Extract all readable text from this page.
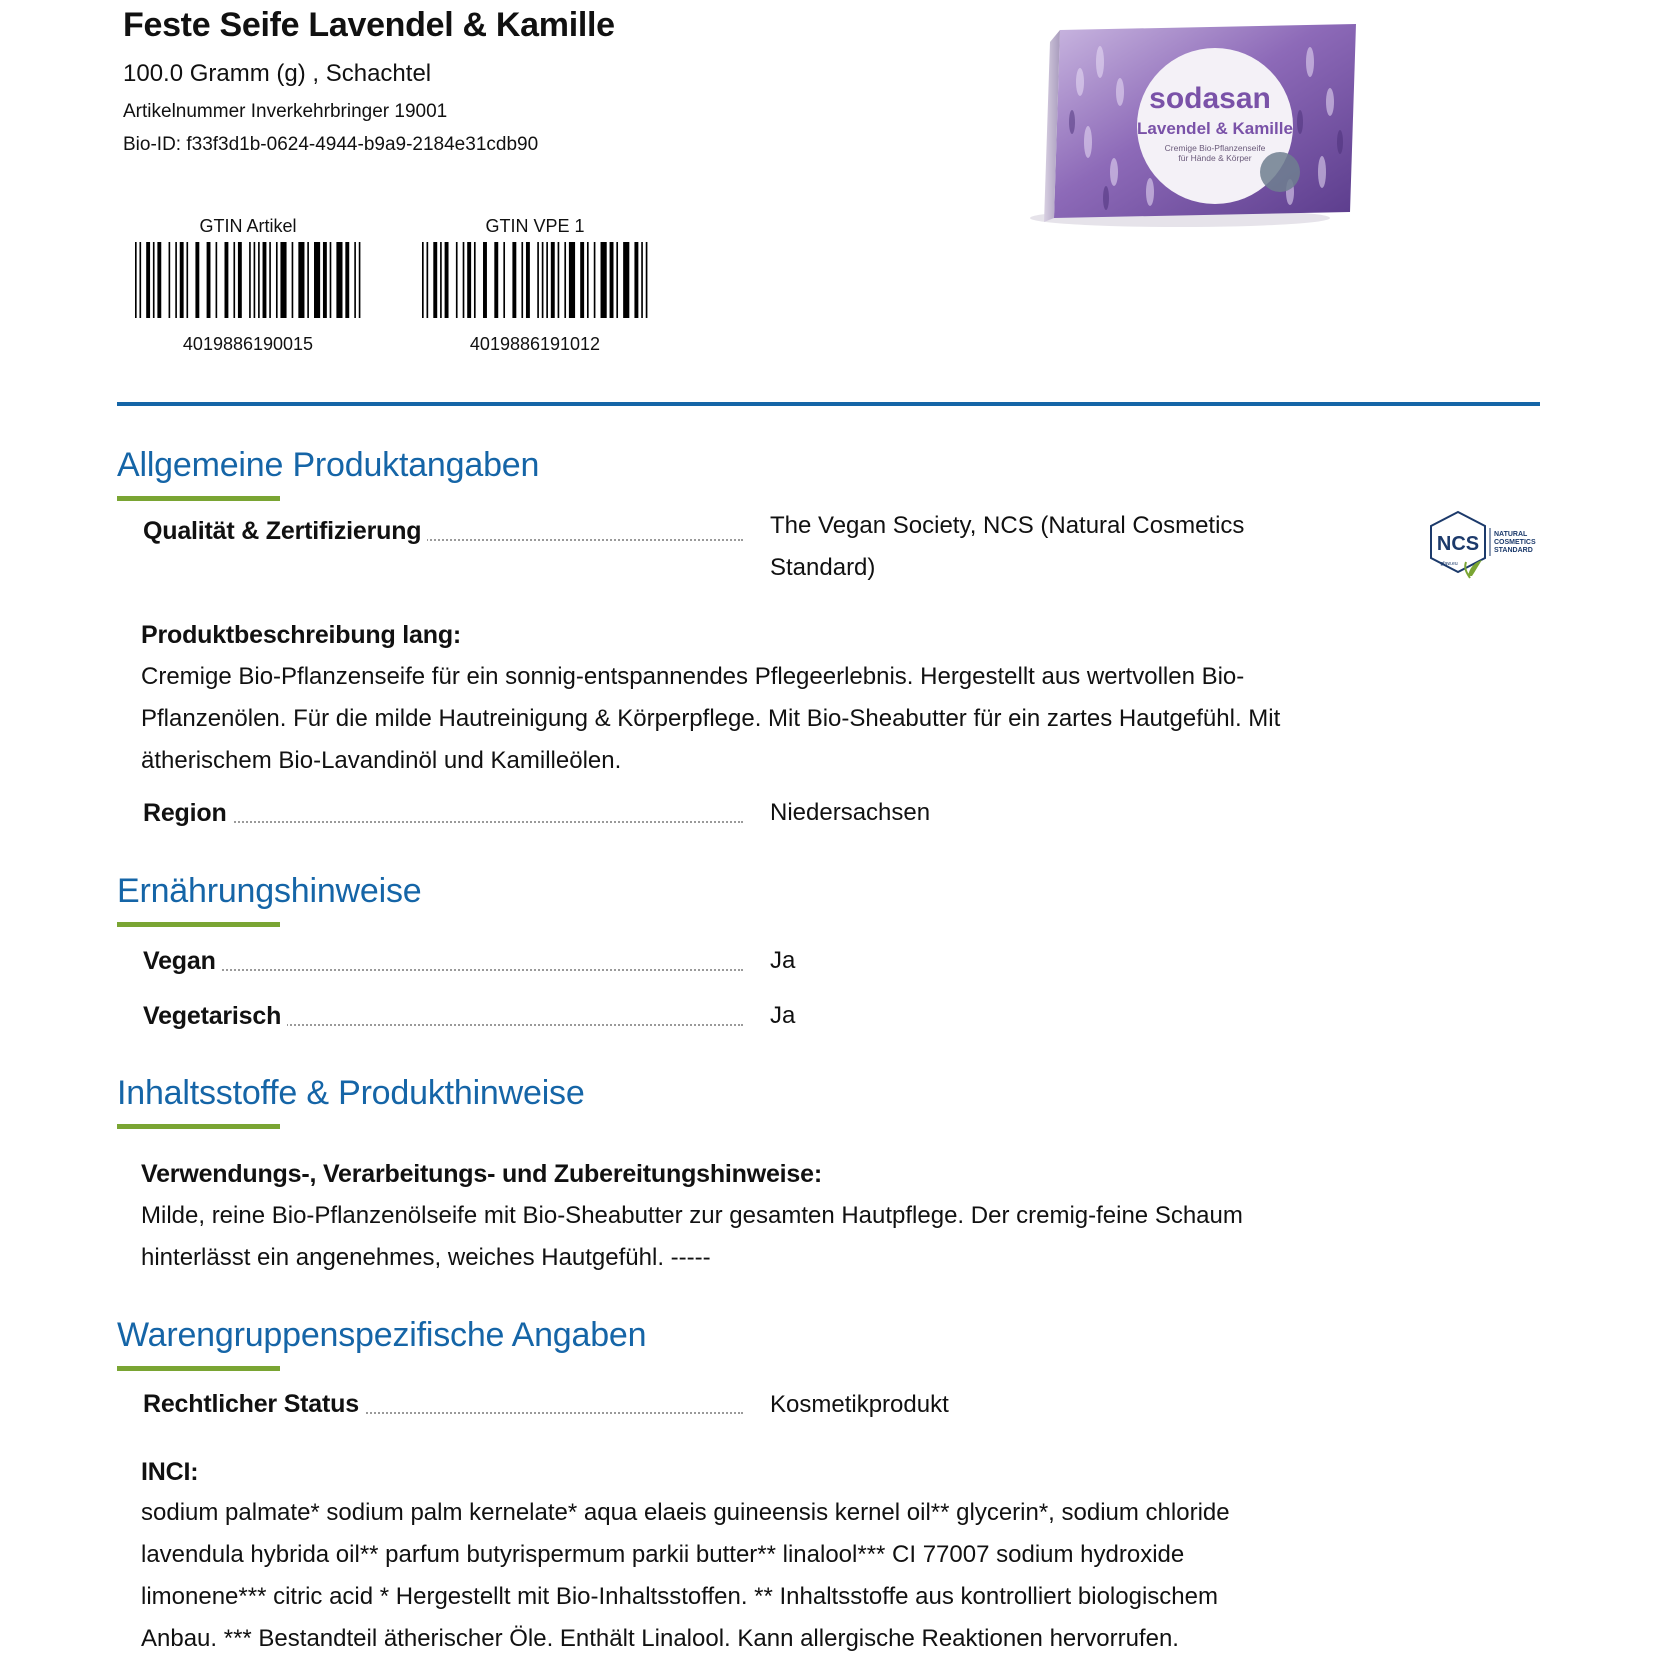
Feste Seife Lavendel & Kamille
100.0 Gramm (g) , Schachtel
Artikelnummer Inverkehrbringer 19001
Bio-ID: f33f3d1b-0624-4944-b9a9-2184e31cdb90
GTIN Artikel
4019886190015
GTIN VPE 1
4019886191012
sodasan
Lavendel & Kamille
Cremige Bio-Pflanzenseife
für Hände & Körper
Allgemeine Produktangaben
Qualität & Zertifizierung	The Vegan Society, NCS (Natural Cosmetics
Standard)
NCS
gfaw.eu
NATURAL
COSMETICS
STANDARD
Produktbeschreibung lang:
Cremige Bio-Pflanzenseife für ein sonnig-entspannendes Pflegeerlebnis. Hergestellt aus wertvollen Bio-
Pflanzenölen. Für die milde Hautreinigung & Körperpflege. Mit Bio-Sheabutter für ein zartes Hautgefühl. Mit
ätherischem Bio-Lavandinöl und Kamilleölen.
Region	Niedersachsen
Ernährungshinweise
Vegan	Ja
Vegetarisch	Ja
Inhaltsstoffe & Produkthinweise
Verwendungs-, Verarbeitungs- und Zubereitungshinweise:
Milde, reine Bio-Pflanzenölseife mit Bio-Sheabutter zur gesamten Hautpflege. Der cremig-feine Schaum
hinterlässt ein angenehmes, weiches Hautgefühl. -----
Warengruppenspezifische Angaben
Rechtlicher Status	Kosmetikprodukt
INCI:
sodium palmate* sodium palm kernelate* aqua elaeis guineensis kernel oil** glycerin*, sodium chloride
lavendula hybrida oil** parfum butyrispermum parkii butter** linalool*** CI 77007 sodium hydroxide
limonene*** citric acid * Hergestellt mit Bio-Inhaltsstoffen. ** Inhaltsstoffe aus kontrolliert biologischem
Anbau. *** Bestandteil ätherischer Öle. Enthält Linalool. Kann allergische Reaktionen hervorrufen.
